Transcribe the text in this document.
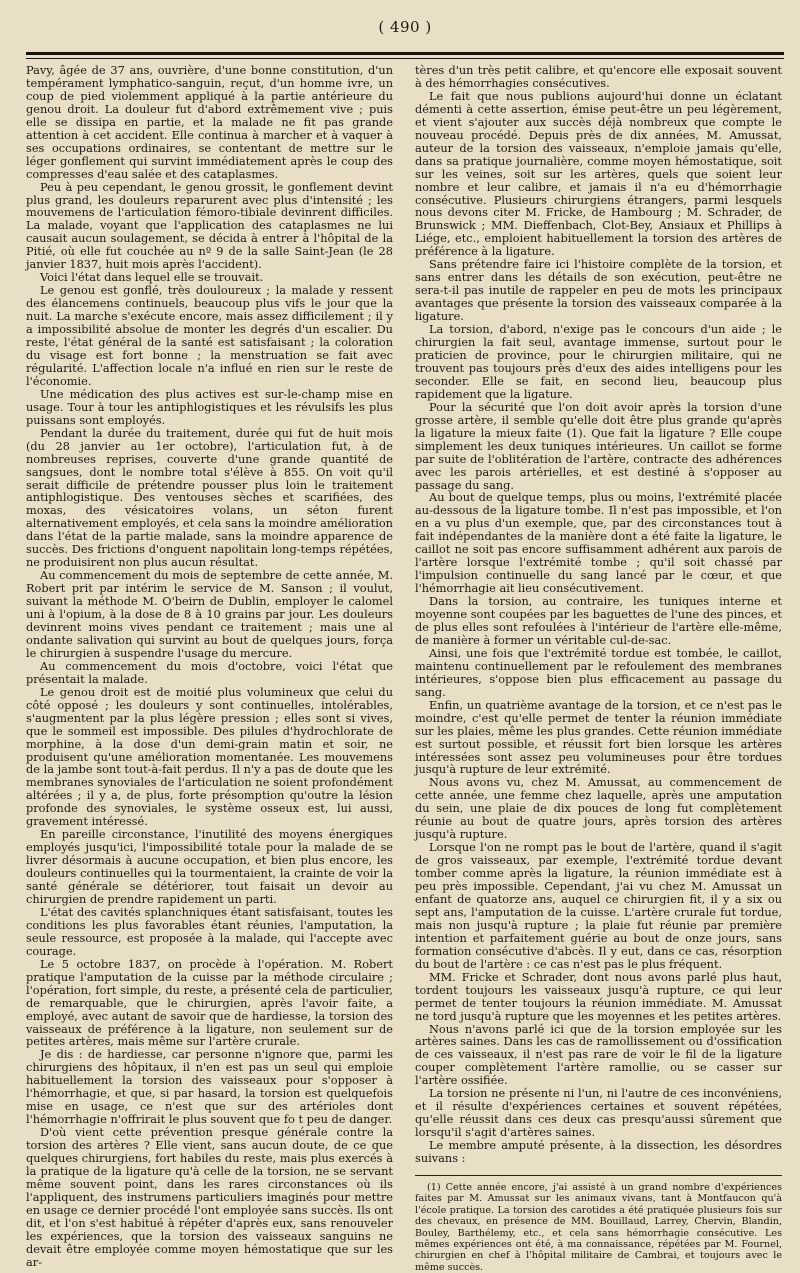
( 490 )

Pavy, âgée de 37 ans, ouvrière, d'une bonne constitution, d'un tempérament lymphatico-sanguin, reçut, d'un homme ivre, un coup de pied violemment appliqué à la partie antérieure du genou droit. La douleur fut d'abord extrêmement vive ; puis elle se dissipa en partie, et la malade ne fit pas grande attention à cet accident. Elle continua à marcher et à vaquer à ses occupations ordinaires, se contentant de mettre sur le léger gonflement qui survint immédiatement après le coup des compresses d'eau salée et des cataplasmes.

Peu à peu cependant, le genou grossit, le gonflement devint plus grand, les douleurs reparurent avec plus d'intensité ; les mouvemens de l'articulation fémoro-tibiale devinrent difficiles. La malade, voyant que l'application des cataplasmes ne lui causait aucun soulagement, se décida à entrer à l'hôpital de la Pitié, où elle fut couchée au nº 9 de la salle Saint-Jean (le 28 janvier 1837, huit mois après l'accident).

Voici l'état dans lequel elle se trouvait.

Le genou est gonflé, très douloureux ; la malade y ressent des élancemens continuels, beaucoup plus vifs le jour que la nuit. La marche s'exécute encore, mais assez difficilement ; il y a impossibilité absolue de monter les degrés d'un escalier. Du reste, l'état général de la santé est satisfaisant ; la coloration du visage est fort bonne ; la menstruation se fait avec régularité. L'affection locale n'a influé en rien sur le reste de l'économie.

Une médication des plus actives est sur-le-champ mise en usage. Tour à tour les antiphlogistiques et les révulsifs les plus puissans sont employés.

Pendant la durée du traitement, durée qui fut de huit mois (du 28 janvier au 1er octobre), l'articulation fut, à de nombreuses reprises, couverte d'une grande quantité de sangsues, dont le nombre total s'élève à 855. On voit qu'il serait difficile de prétendre pousser plus loin le traitement antiphlogistique. Des ventouses sèches et scarifiées, des moxas, des vésicatoires volans, un séton furent alternativement employés, et cela sans la moindre amélioration dans l'état de la partie malade, sans la moindre apparence de succès. Des frictions d'onguent napolitain long-temps répétées, ne produisirent non plus aucun résultat.

Au commencement du mois de septembre de cette année, M. Robert prit par intérim le service de M. Sanson ; il voulut, suivant la méthode M. O'beirn de Dublin, employer le calomel uni à l'opium, à la dose de 8 à 10 grains par jour. Les douleurs devinrent moins vives pendant ce traitement ; mais une al ondante salivation qui survint au bout de quelques jours, força le chirurgien à suspendre l'usage du mercure.

Au commencement du mois d'octobre, voici l'état que présentait la malade.

Le genou droit est de moitié plus volumineux que celui du côté opposé ; les douleurs y sont continuelles, intolérables, s'augmentent par la plus légère pression ; elles sont si vives, que le sommeil est impossible. Des pilules d'hydrochlorate de morphine, à la dose d'un demi-grain matin et soir, ne produisent qu'une amélioration momentanée. Les mouvemens de la jambe sont tout-à-fait perdus. Il n'y a pas de doute que les membranes synoviales de l'articulation ne soient profondément altérées ; il y a, de plus, forte présomption qu'outre la lésion profonde des synoviales, le système osseux est, lui aussi, gravement intéressé.

En pareille circonstance, l'inutilité des moyens énergiques employés jusqu'ici, l'impossibilité totale pour la malade de se livrer désormais à aucune occupation, et bien plus encore, les douleurs continuelles qui la tourmentaient, la crainte de voir la santé générale se détériorer, tout faisait un devoir au chirurgien de prendre rapidement un parti.

L'état des cavités splanchniques étant satisfaisant, toutes les conditions les plus favorables étant réunies, l'amputation, la seule ressource, est proposée à la malade, qui l'accepte avec courage.

Le 5 octobre 1837, on procède à l'opération. M. Robert pratique l'amputation de la cuisse par la méthode circulaire ; l'opération, fort simple, du reste, a présenté cela de particulier, de remarquable, que le chirurgien, après l'avoir faite, a employé, avec autant de savoir que de hardiesse, la torsion des vaisseaux de préférence à la ligature, non seulement sur de petites artères, mais même sur l'artère crurale.

Je dis : de hardiesse, car personne n'ignore que, parmi les chirurgiens des hôpitaux, il n'en est pas un seul qui emploie habituellement la torsion des vaisseaux pour s'opposer à l'hémorrhagie, et que, si par hasard, la torsion est quelquefois mise en usage, ce n'est que sur des artérioles dont l'hémorrhagie n'offrirait le plus souvent que fo t peu de danger.

D'où vient cette prévention presque générale contre la torsion des artères ? Elle vient, sans aucun doute, de ce que quelques chirurgiens, fort habiles du reste, mais plus exercés à la pratique de la ligature qu'à celle de la torsion, ne se servant même souvent point, dans les rares circonstances où ils l'appliquent, des instrumens particuliers imaginés pour mettre en usage ce dernier procédé l'ont employée sans succès. Ils ont dit, et l'on s'est habitué à répéter d'après eux, sans renouveler les expériences, que la torsion des vaisseaux sanguins ne devait être employée comme moyen hémostatique que sur les ar-

tères d'un très petit calibre, et qu'encore elle exposait souvent à des hémorrhagies consécutives.

Le fait que nous publions aujourd'hui donne un éclatant démenti à cette assertion, émise peut-être un peu légèrement, et vient s'ajouter aux succès déjà nombreux que compte le nouveau procédé. Depuis près de dix années, M. Amussat, auteur de la torsion des vaisseaux, n'emploie jamais qu'elle, dans sa pratique journalière, comme moyen hémostatique, soit sur les veines, soit sur les artères, quels que soient leur nombre et leur calibre, et jamais il n'a eu d'hémorrhagie consécutive. Plusieurs chirurgiens étrangers, parmi lesquels nous devons citer M. Fricke, de Hambourg ; M. Schrader, de Brunswick ; MM. Dieffenbach, Clot-Bey, Ansiaux et Phillips à Liége, etc., emploient habituellement la torsion des artères de préférence à la ligature.

Sans prétendre faire ici l'histoire complète de la torsion, et sans entrer dans les détails de son exécution, peut-être ne sera-t-il pas inutile de rappeler en peu de mots les principaux avantages que présente la torsion des vaisseaux comparée à la ligature.

La torsion, d'abord, n'exige pas le concours d'un aide ; le chirurgien la fait seul, avantage immense, surtout pour le praticien de province, pour le chirurgien militaire, qui ne trouvent pas toujours près d'eux des aides intelligens pour les seconder. Elle se fait, en second lieu, beaucoup plus rapidement que la ligature.

Pour la sécurité que l'on doit avoir après la torsion d'une grosse artère, il semble qu'elle doit être plus grande qu'après la ligature la mieux faite (1). Que fait la ligature ? Elle coupe simplement les deux tuniques intérieures. Un caillot se forme par suite de l'oblitération de l'artère, contracte des adhérences avec les parois artérielles, et est destiné à s'opposer au passage du sang.

Au bout de quelque temps, plus ou moins, l'extrémité placée au-dessous de la ligature tombe. Il n'est pas impossible, et l'on en a vu plus d'un exemple, que, par des circonstances tout à fait indépendantes de la manière dont a été faite la ligature, le caillot ne soit pas encore suffisamment adhérent aux parois de l'artère lorsque l'extrémité tombe ; qu'il soit chassé par l'impulsion continuelle du sang lancé par le cœur, et que l'hémorrhagie ait lieu consécutivement.

Dans la torsion, au contraire, les tuniques interne et moyenne sont coupées par les baguettes de l'une des pinces, et de plus elles sont refoulées à l'intérieur de l'artère elle-même, de manière à former un véritable cul-de-sac.

Ainsi, une fois que l'extrémité tordue est tombée, le caillot, maintenu continuellement par le refoulement des membranes intérieures, s'oppose bien plus efficacement au passage du sang.

Enfin, un quatrième avantage de la torsion, et ce n'est pas le moindre, c'est qu'elle permet de tenter la réunion immédiate sur les plaies, même les plus grandes. Cette réunion immédiate est surtout possible, et réussit fort bien lorsque les artères intéressées sont assez peu volumineuses pour être tordues jusqu'à rupture de leur extrémité.

Nous avons vu, chez M. Amussat, au commencement de cette année, une femme chez laquelle, après une amputation du sein, une plaie de dix pouces de long fut complètement réunie au bout de quatre jours, après torsion des artères jusqu'à rupture.

Lorsque l'on ne rompt pas le bout de l'artère, quand il s'agit de gros vaisseaux, par exemple, l'extrémité tordue devant tomber comme après la ligature, la réunion immédiate est à peu près impossible. Cependant, j'ai vu chez M. Amussat un enfant de quatorze ans, auquel ce chirurgien fit, il y a six ou sept ans, l'amputation de la cuisse. L'artère crurale fut tordue, mais non jusqu'à rupture ; la plaie fut réunie par première intention et parfaitement guérie au bout de onze jours, sans formation consécutive d'abcès. Il y eut, dans ce cas, résorption du bout de l'artère : ce cas n'est pas le plus fréquent.

MM. Fricke et Schrader, dont nous avons parlé plus haut, tordent toujours les vaisseaux jusqu'à rupture, ce qui leur permet de tenter toujours la réunion immédiate. M. Amussat ne tord jusqu'à rupture que les moyennes et les petites artères.

Nous n'avons parlé ici que de la torsion employée sur les artères saines. Dans les cas de ramollissement ou d'ossification de ces vaisseaux, il n'est pas rare de voir le fil de la ligature couper complètement l'artère ramollie, ou se casser sur l'artère ossifiée.

La torsion ne présente ni l'un, ni l'autre de ces inconvéniens, et il résulte d'expériences certaines et souvent répétées, qu'elle réussit dans ces deux cas presqu'aussi sûrement que lorsqu'il s'agit d'artères saines.

Le membre amputé présente, à la dissection, les désordres suivans :

(1) Cette année encore, j'ai assisté à un grand nombre d'expériences faites par M. Amussat sur les animaux vivans, tant à Montfaucon qu'à l'école pratique. La torsion des carotides a été pratiquée plusieurs fois sur des chevaux, en présence de MM. Bouillaud, Larrey, Chervin, Blandin, Bouley, Barthélemy, etc., et cela sans hémorrhagie consécutive. Les mêmes expériences ont été, à ma connaissance, répétées par M. Fournel, chirurgien en chef à l'hôpital militaire de Cambrai, et toujours avec le même succès.
